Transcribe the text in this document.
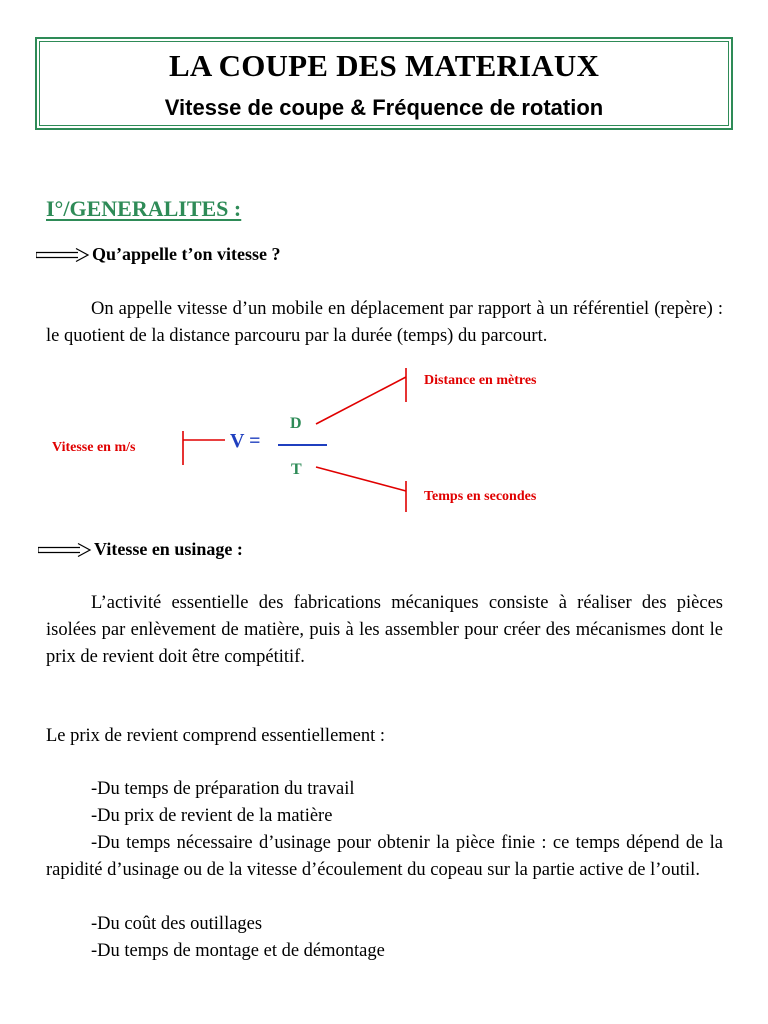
LA COUPE DES MATERIAUX
Vitesse de coupe & Fréquence de rotation
I°/GENERALITES :
Qu’appelle t’on vitesse ?

On appelle vitesse d’un mobile en déplacement par rapport à un référentiel (repère) : le quotient de la distance parcouru par la durée (temps) du parcourt.

Vitesse en m/s	V =
D
T
Distance en mètres
Temps en secondes
Vitesse en usinage :

L’activité essentielle des fabrications mécaniques consiste à réaliser des pièces isolées par enlèvement de matière, puis à les assembler pour créer des mécanismes dont le prix de revient doit être compétitif.

Le prix de revient comprend essentiellement :
-Du temps de préparation du travail
-Du prix de revient de la matière

-Du temps nécessaire d’usinage pour obtenir la pièce finie : ce temps dépend de la rapidité d’usinage ou de la vitesse d’écoulement du copeau sur la partie active de l’outil.

-Du coût des outillages
-Du temps de montage et de démontage
